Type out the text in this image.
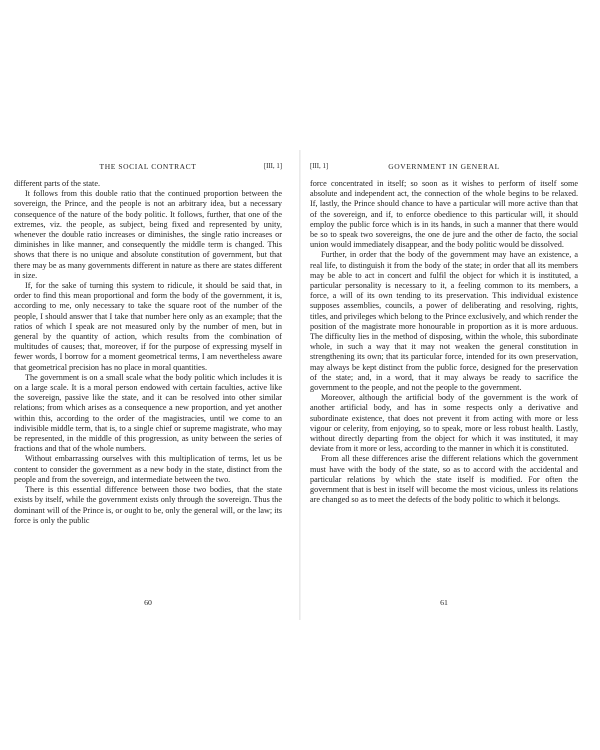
THE SOCIAL CONTRACT	[III, 1]

different parts of the state.

It follows from this double ratio that the continued proportion between the sovereign, the Prince, and the people is not an arbitrary idea, but a necessary consequence of the nature of the body politic. It follows, further, that one of the extremes, viz. the people, as subject, being fixed and represented by unity, whenever the double ratio increases or diminishes, the single ratio increases or diminishes in like manner, and consequently the middle term is changed. This shows that there is no unique and absolute constitution of government, but that there may be as many governments different in nature as there are states different in size.

If, for the sake of turning this system to ridicule, it should be said that, in order to find this mean proportional and form the body of the government, it is, according to me, only necessary to take the square root of the number of the people, I should answer that I take that number here only as an example; that the ratios of which I speak are not measured only by the number of men, but in general by the quantity of action, which results from the combination of multitudes of causes; that, moreover, if for the purpose of expressing myself in fewer words, I borrow for a moment geometrical terms, I am nevertheless aware that geometrical precision has no place in moral quantities.

The government is on a small scale what the body politic which includes it is on a large scale. It is a moral person endowed with certain faculties, active like the sovereign, passive like the state, and it can be resolved into other similar relations; from which arises as a consequence a new proportion, and yet another within this, according to the order of the magistracies, until we come to an indivisible middle term, that is, to a single chief or supreme magistrate, who may be represented, in the middle of this progression, as unity between the series of fractions and that of the whole numbers.

Without embarrassing ourselves with this multiplication of terms, let us be content to consider the government as a new body in the state, distinct from the people and from the sovereign, and intermediate between the two.

There is this essential difference between those two bodies, that the state exists by itself, while the government exists only through the sovereign. Thus the dominant will of the Prince is, or ought to be, only the general will, or the law; its force is only the public

[III, 1]	GOVERNMENT IN GENERAL

force concentrated in itself; so soon as it wishes to perform of itself some absolute and independent act, the connection of the whole begins to be relaxed. If, lastly, the Prince should chance to have a particular will more active than that of the sovereign, and if, to enforce obedience to this particular will, it should employ the public force which is in its hands, in such a manner that there would be so to speak two sovereigns, the one de jure and the other de facto, the social union would immediately disappear, and the body politic would be dissolved.

Further, in order that the body of the government may have an existence, a real life, to distinguish it from the body of the state; in order that all its members may be able to act in concert and fulfil the object for which it is instituted, a particular personality is necessary to it, a feeling common to its members, a force, a will of its own tending to its preservation. This individual existence supposes assemblies, councils, a power of deliberating and resolving, rights, titles, and privileges which belong to the Prince exclusively, and which render the position of the magistrate more honourable in proportion as it is more arduous. The difficulty lies in the method of disposing, within the whole, this subordinate whole, in such a way that it may not weaken the general constitution in strengthening its own; that its particular force, intended for its own preservation, may always be kept distinct from the public force, designed for the preservation of the state; and, in a word, that it may always be ready to sacrifice the government to the people, and not the people to the government.

Moreover, although the artificial body of the government is the work of another artificial body, and has in some respects only a derivative and subordinate existence, that does not prevent it from acting with more or less vigour or celerity, from enjoying, so to speak, more or less robust health. Lastly, without directly departing from the object for which it was instituted, it may deviate from it more or less, according to the manner in which it is constituted.

From all these differences arise the different relations which the government must have with the body of the state, so as to accord with the accidental and particular relations by which the state itself is modified. For often the government that is best in itself will become the most vicious, unless its relations are changed so as to meet the defects of the body politic to which it belongs.

60	61
